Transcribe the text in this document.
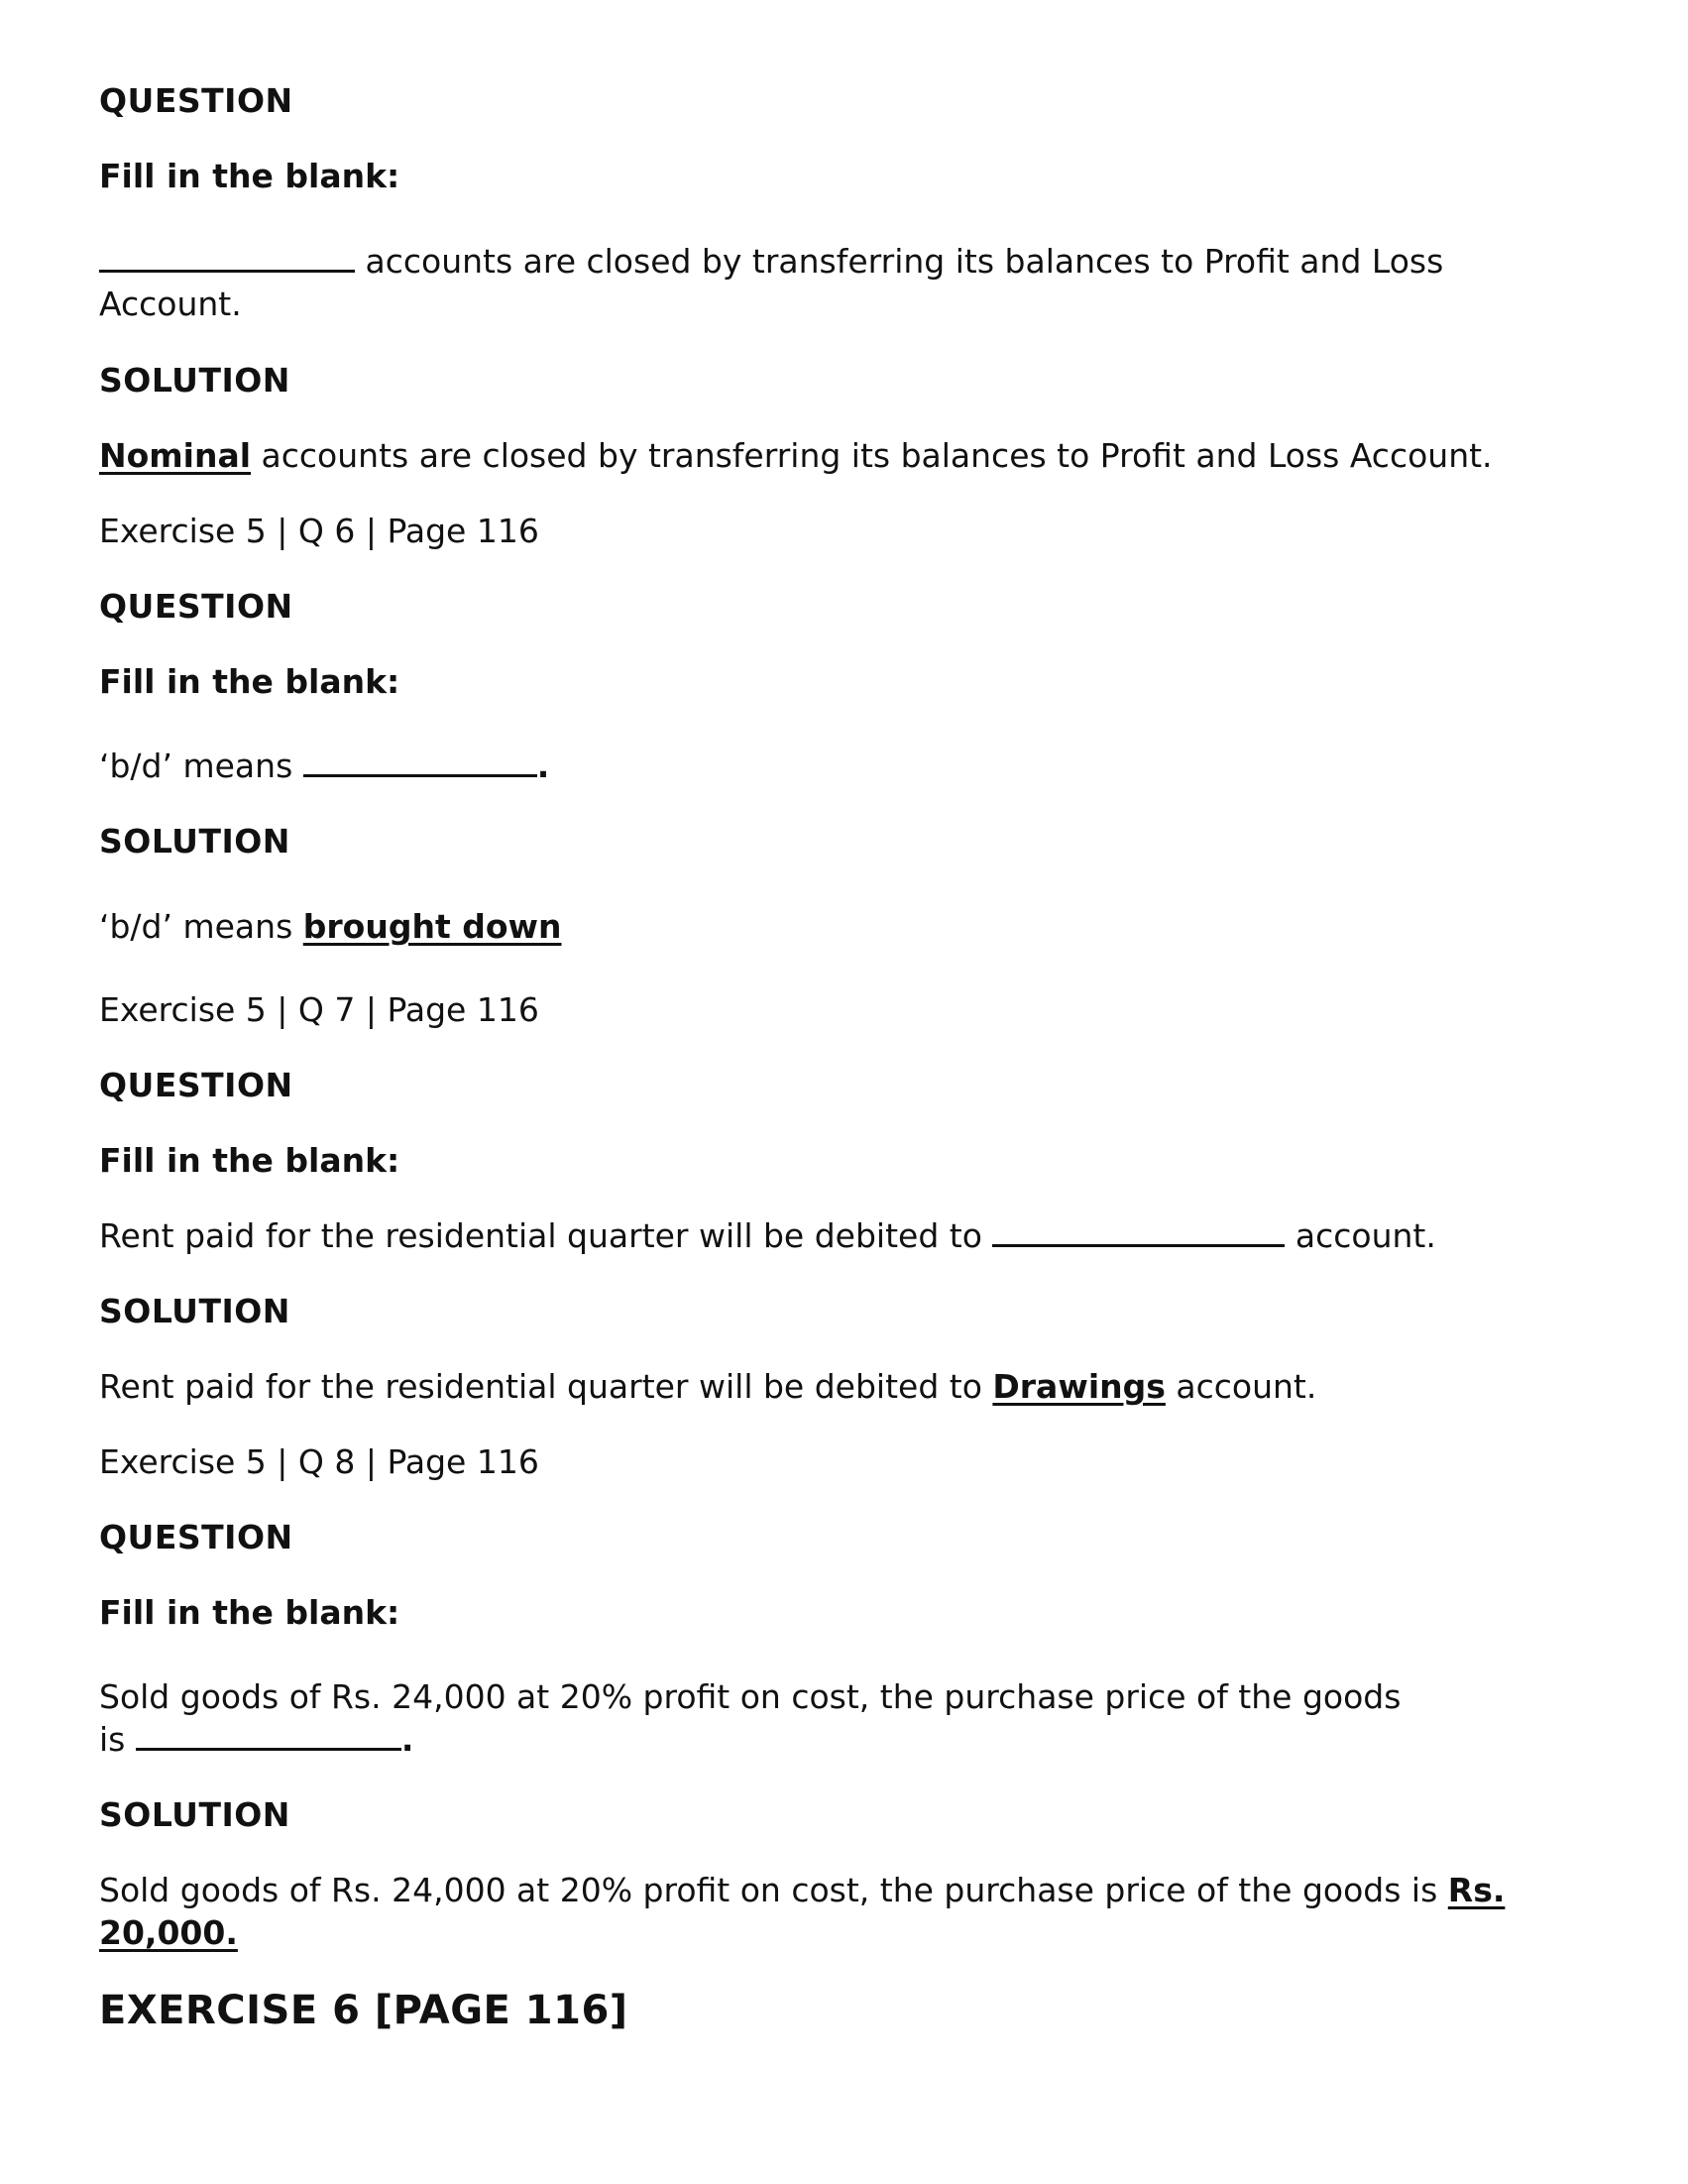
QUESTION
Fill in the blank:
accounts are closed by transferring its balances to Profit and Loss
Account.
SOLUTION
Nominal accounts are closed by transferring its balances to Profit and Loss Account.
Exercise 5 | Q 6 | Page 116
QUESTION
Fill in the blank:
‘b/d’ means	.
SOLUTION
‘b/d’ means brought down
Exercise 5 | Q 7 | Page 116
QUESTION
Fill in the blank:
Rent paid for the residential quarter will be debited to	account.
SOLUTION
Rent paid for the residential quarter will be debited to Drawings account.
Exercise 5 | Q 8 | Page 116
QUESTION
Fill in the blank:
Sold goods of Rs. 24,000 at 20% profit on cost, the purchase price of the goods
is	.
SOLUTION
Sold goods of Rs. 24,000 at 20% profit on cost, the purchase price of the goods is Rs.
20,000.
EXERCISE 6 [PAGE 116]
